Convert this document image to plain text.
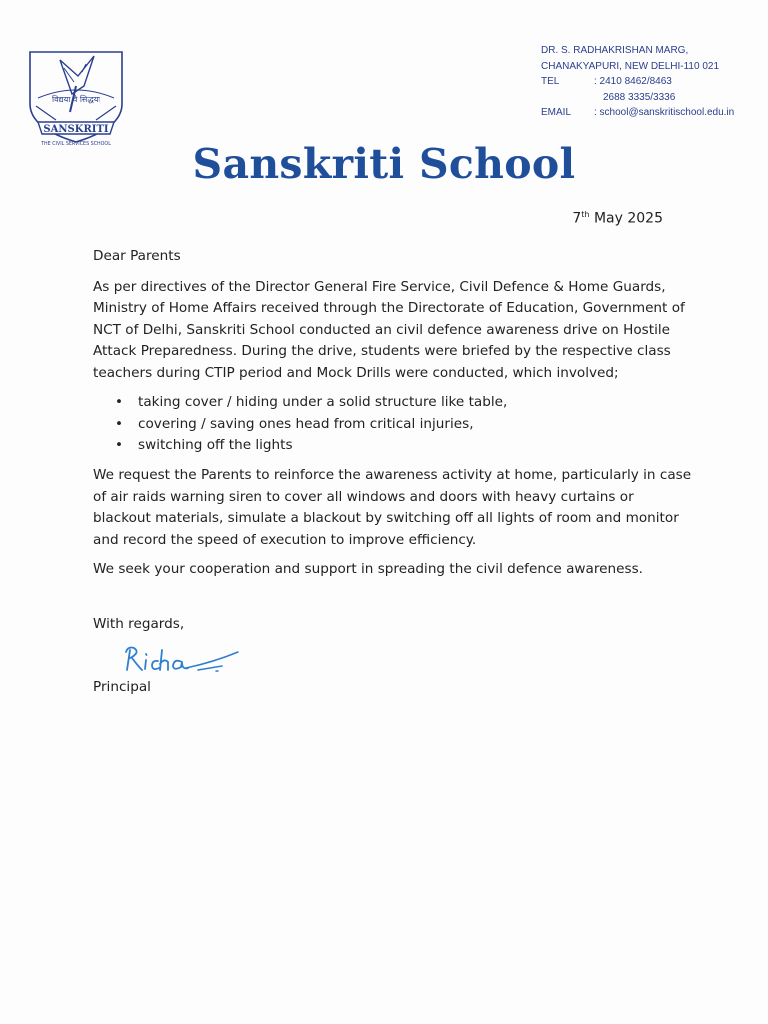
विद्यया वै सिद्धयः
SANSKRITI
THE CIVIL SERVICES SCHOOL
DR. S. RADHAKRISHAN MARG,
CHANAKYAPURI, NEW DELHI-110 021
TEL	: 2410 8462/8463
2688 3335/3336
EMAIL : school@sanskritischool.edu.in
Sanskriti School
7th May 2025

Dear Parents

As per directives of the Director General Fire Service, Civil Defence & Home Guards, Ministry of Home Affairs received through the Directorate of Education, Government of NCT of Delhi, Sanskriti School conducted an civil defence awareness drive on Hostile Attack Preparedness. During the drive, students were briefed by the respective class teachers during CTIP period and Mock Drills were conducted, which involved;

• taking cover / hiding under a solid structure like table,
• covering / saving ones head from critical injuries,
• switching off the lights

We request the Parents to reinforce the awareness activity at home, particularly in case of air raids warning siren to cover all windows and doors with heavy curtains or blackout materials, simulate a blackout by switching off all lights of room and monitor and record the speed of execution to improve efficiency.

We seek your cooperation and support in spreading the civil defence awareness.

With regards,
Principal
